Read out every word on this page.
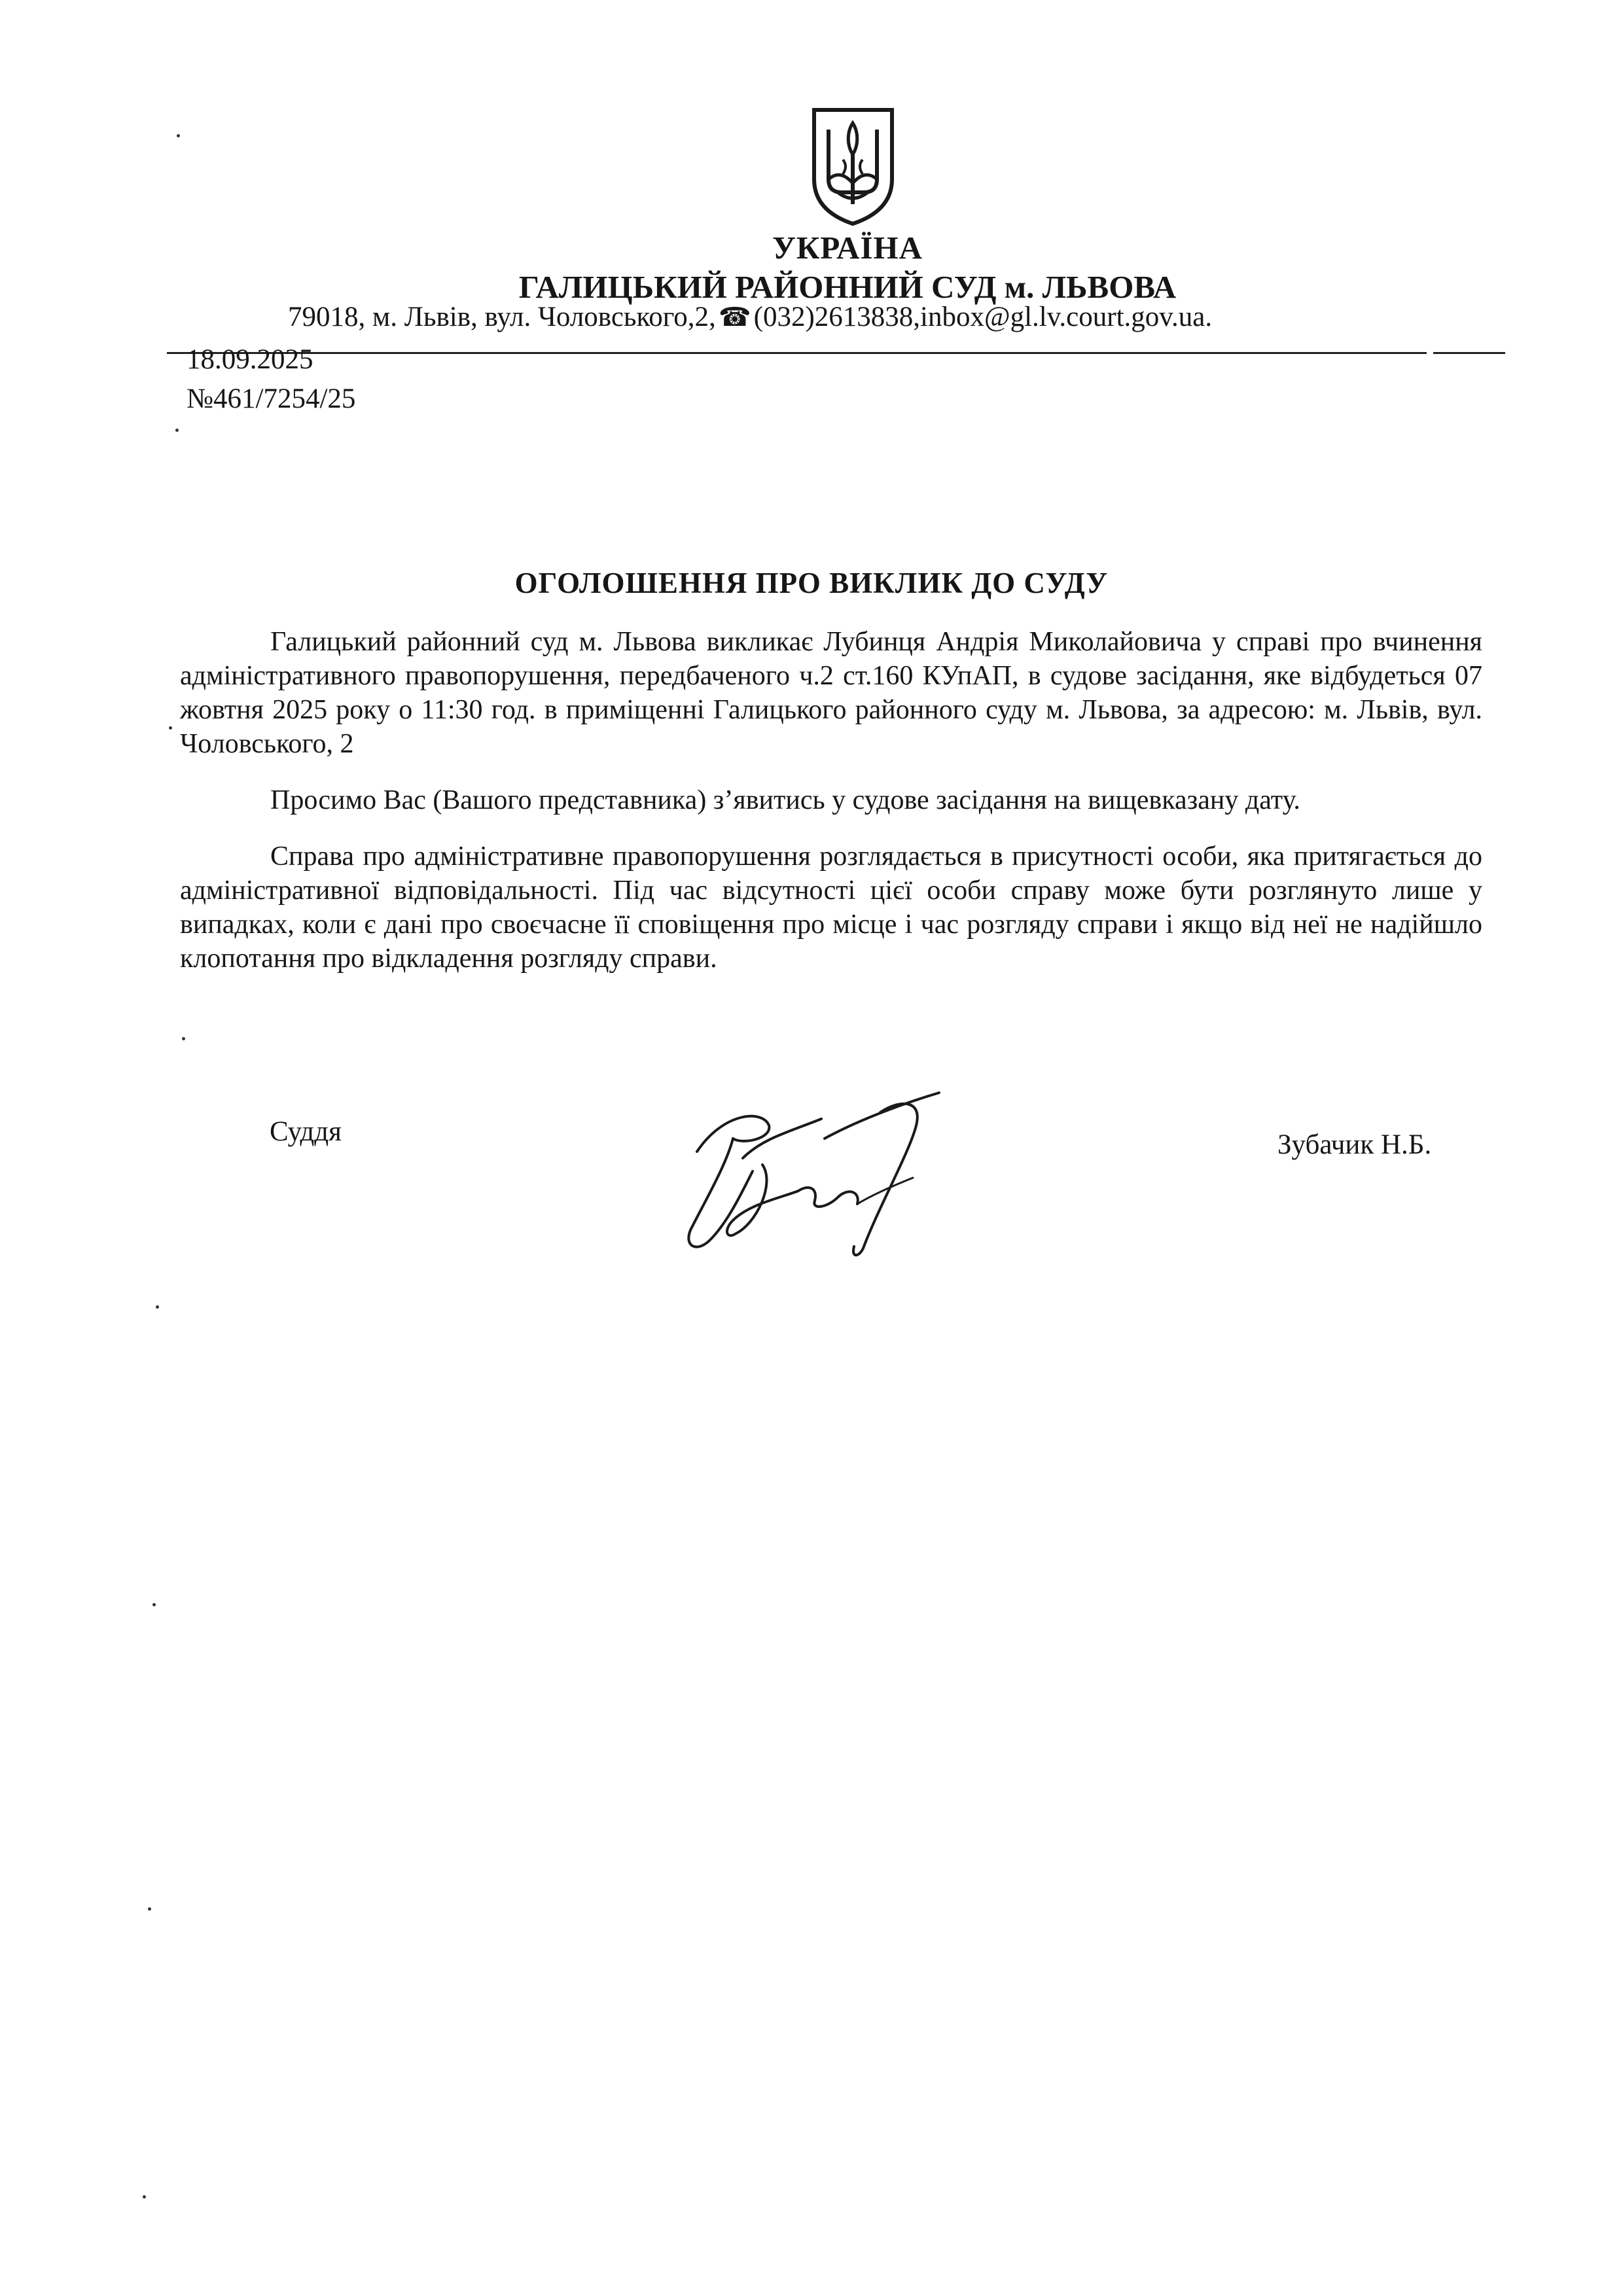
УКРАЇНА
ГАЛИЦЬКИЙ РАЙОННИЙ СУД м. ЛЬВОВА
79018, м. Львів, вул. Чоловського,2, ☎(032)2613838,inbox@gl.lv.court.gov.ua.
18.09.2025
№461/7254/25
ОГОЛОШЕННЯ ПРО ВИКЛИК ДО СУДУ

Галицький районний суд м. Львова викликає Лубинця Андрія Миколайовича у справі про вчинення адміністративного правопорушення, передбаченого ч.2 ст.160 КУпАП, в судове засідання, яке відбудеться 07 жовтня 2025 року о 11:30 год. в приміщенні Галицького районного суду м. Львова, за адресою: м. Львів, вул. Чоловського, 2

Просимо Вас (Вашого представника) з’явитись у судове засідання на вищевказану дату.

Справа про адміністративне правопорушення розглядається в присутності особи, яка притягається до адміністративної відповідальності. Під час відсутності цієї особи справу може бути розглянуто лише у випадках, коли є дані про своєчасне її сповіщення про місце і час розгляду справи і якщо від неї не надійшло клопотання про відкладення розгляду справи.

Суддя	Зубачик Н.Б.
